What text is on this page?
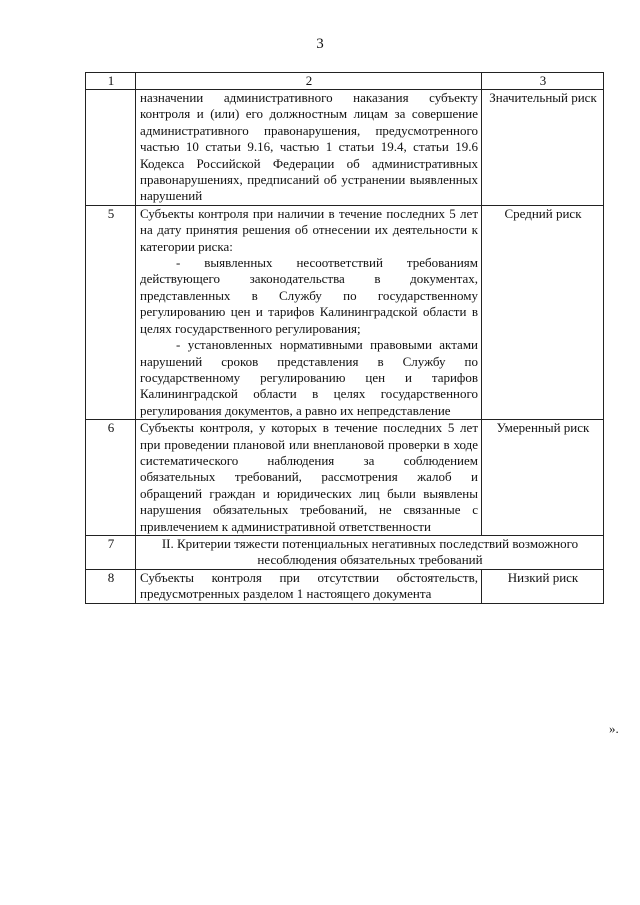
3
1	2	3

	назначении административного наказания субъекту контроля и (или) его должностным лицам за совершение административного правонарушения, предусмотренного частью 10 статьи 9.16, частью 1 статьи 19.4, статьи 19.6 Кодекса Российской Федерации об административных правонарушениях, предписаний об устранении выявленных нарушений	Значительный риск
5	Субъекты контроля при наличии в течение последних 5 лет на дату принятия решения об отнесении их деятельности к категории риска:

- выявленных несоответствий требованиям действующего законодательства в документах, представленных в Службу по государственному регулированию цен и тарифов Калининградской области в целях государственного регулирования;

- установленных нормативными правовыми актами нарушений сроков представления в Службу по государственному регулированию цен и тарифов Калининградской области в целях государственного регулирования документов, а равно их непредставление	Средний риск
6	Субъекты контроля, у которых в течение последних 5 лет при проведении плановой или внеплановой проверки в ходе систематического наблюдения за соблюдением обязательных требований, рассмотрения жалоб и обращений граждан и юридических лиц были выявлены нарушения обязательных требований, не связанные с привлечением к административной ответственности	Умеренный риск
7	II. Критерии тяжести потенциальных негативных последствий возможного несоблюдения обязательных требований	
8	Субъекты контроля при отсутствии обстоятельств, предусмотренных разделом 1 настоящего документа	Низкий риск
».
